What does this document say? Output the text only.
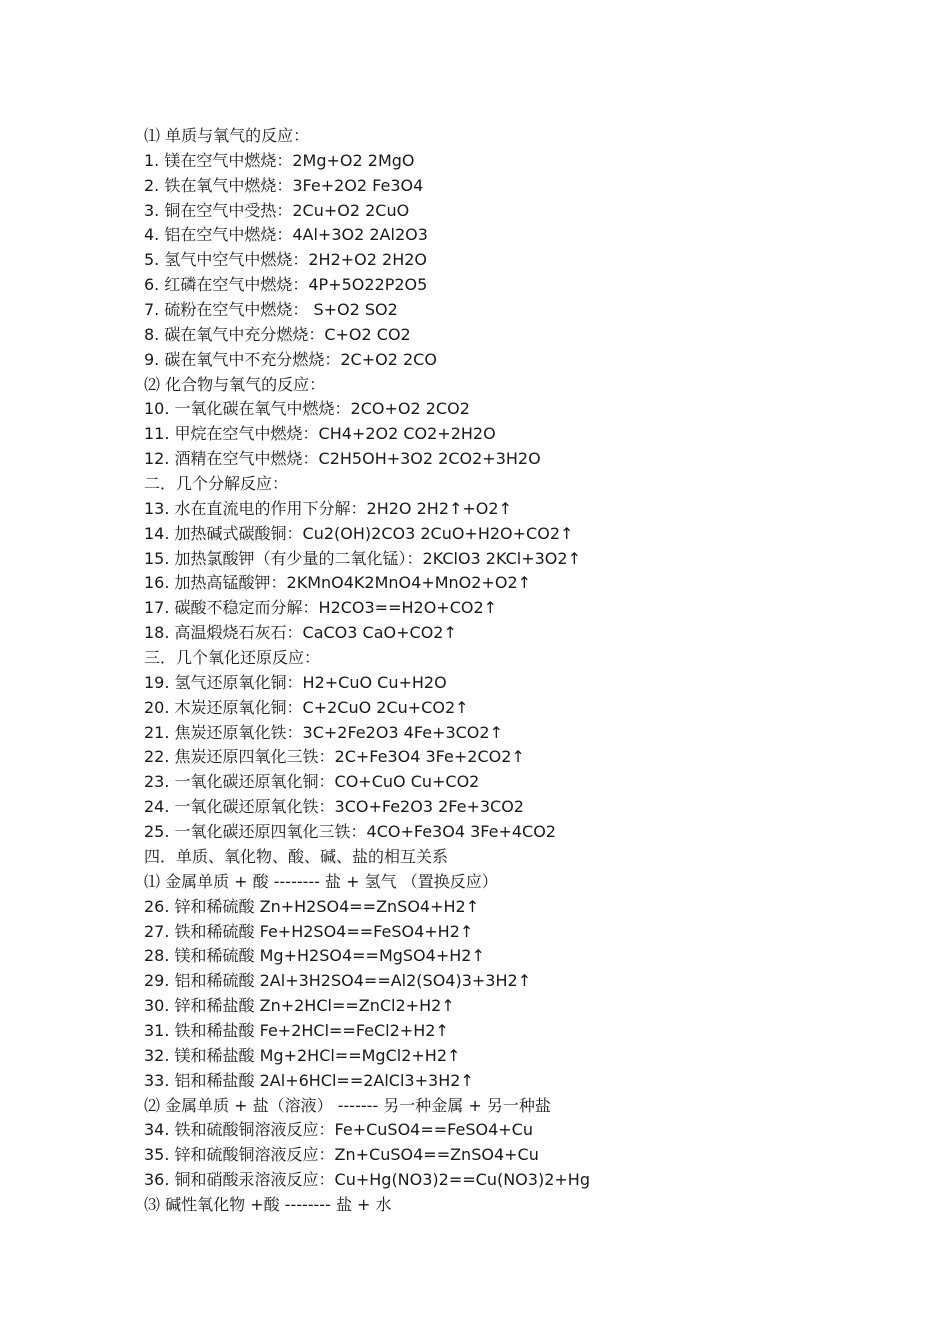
⑴ 单质与氧气的反应：
1. 镁在空气中燃烧：2Mg+O2 2MgO
2. 铁在氧气中燃烧：3Fe+2O2 Fe3O4
3. 铜在空气中受热：2Cu+O2 2CuO
4. 铝在空气中燃烧：4Al+3O2 2Al2O3
5. 氢气中空气中燃烧：2H2+O2 2H2O
6. 红磷在空气中燃烧：4P+5O22P2O5
7. 硫粉在空气中燃烧： S+O2 SO2
8. 碳在氧气中充分燃烧：C+O2 CO2
9. 碳在氧气中不充分燃烧：2C+O2 2CO
⑵ 化合物与氧气的反应：
10. 一氧化碳在氧气中燃烧：2CO+O2 2CO2
11. 甲烷在空气中燃烧：CH4+2O2 CO2+2H2O
12. 酒精在空气中燃烧：C2H5OH+3O2 2CO2+3H2O
二．几个分解反应：
13. 水在直流电的作用下分解：2H2O 2H2↑+O2↑
14. 加热碱式碳酸铜：Cu2(OH)2CO3 2CuO+H2O+CO2↑
15. 加热氯酸钾（有少量的二氧化锰）：2KClO3 2KCl+3O2↑
16. 加热高锰酸钾：2KMnO4K2MnO4+MnO2+O2↑
17. 碳酸不稳定而分解：H2CO3==H2O+CO2↑
18. 高温煅烧石灰石：CaCO3 CaO+CO2↑
三．几个氧化还原反应：
19. 氢气还原氧化铜：H2+CuO Cu+H2O
20. 木炭还原氧化铜：C+2CuO 2Cu+CO2↑
21. 焦炭还原氧化铁：3C+2Fe2O3 4Fe+3CO2↑
22. 焦炭还原四氧化三铁：2C+Fe3O4 3Fe+2CO2↑
23. 一氧化碳还原氧化铜：CO+CuO Cu+CO2
24. 一氧化碳还原氧化铁：3CO+Fe2O3 2Fe+3CO2
25. 一氧化碳还原四氧化三铁：4CO+Fe3O4 3Fe+4CO2
四．单质、氧化物、酸、碱、盐的相互关系
⑴ 金属单质 + 酸 -------- 盐 + 氢气 （置换反应）
26. 锌和稀硫酸 Zn+H2SO4==ZnSO4+H2↑
27. 铁和稀硫酸 Fe+H2SO4==FeSO4+H2↑
28. 镁和稀硫酸 Mg+H2SO4==MgSO4+H2↑
29. 铝和稀硫酸 2Al+3H2SO4==Al2(SO4)3+3H2↑
30. 锌和稀盐酸 Zn+2HCl==ZnCl2+H2↑
31. 铁和稀盐酸 Fe+2HCl==FeCl2+H2↑
32. 镁和稀盐酸 Mg+2HCl==MgCl2+H2↑
33. 铝和稀盐酸 2Al+6HCl==2AlCl3+3H2↑
⑵ 金属单质 + 盐（溶液） ------- 另一种金属 + 另一种盐
34. 铁和硫酸铜溶液反应：Fe+CuSO4==FeSO4+Cu
35. 锌和硫酸铜溶液反应：Zn+CuSO4==ZnSO4+Cu
36. 铜和硝酸汞溶液反应：Cu+Hg(NO3)2==Cu(NO3)2+Hg
⑶ 碱性氧化物 +酸 -------- 盐 + 水
